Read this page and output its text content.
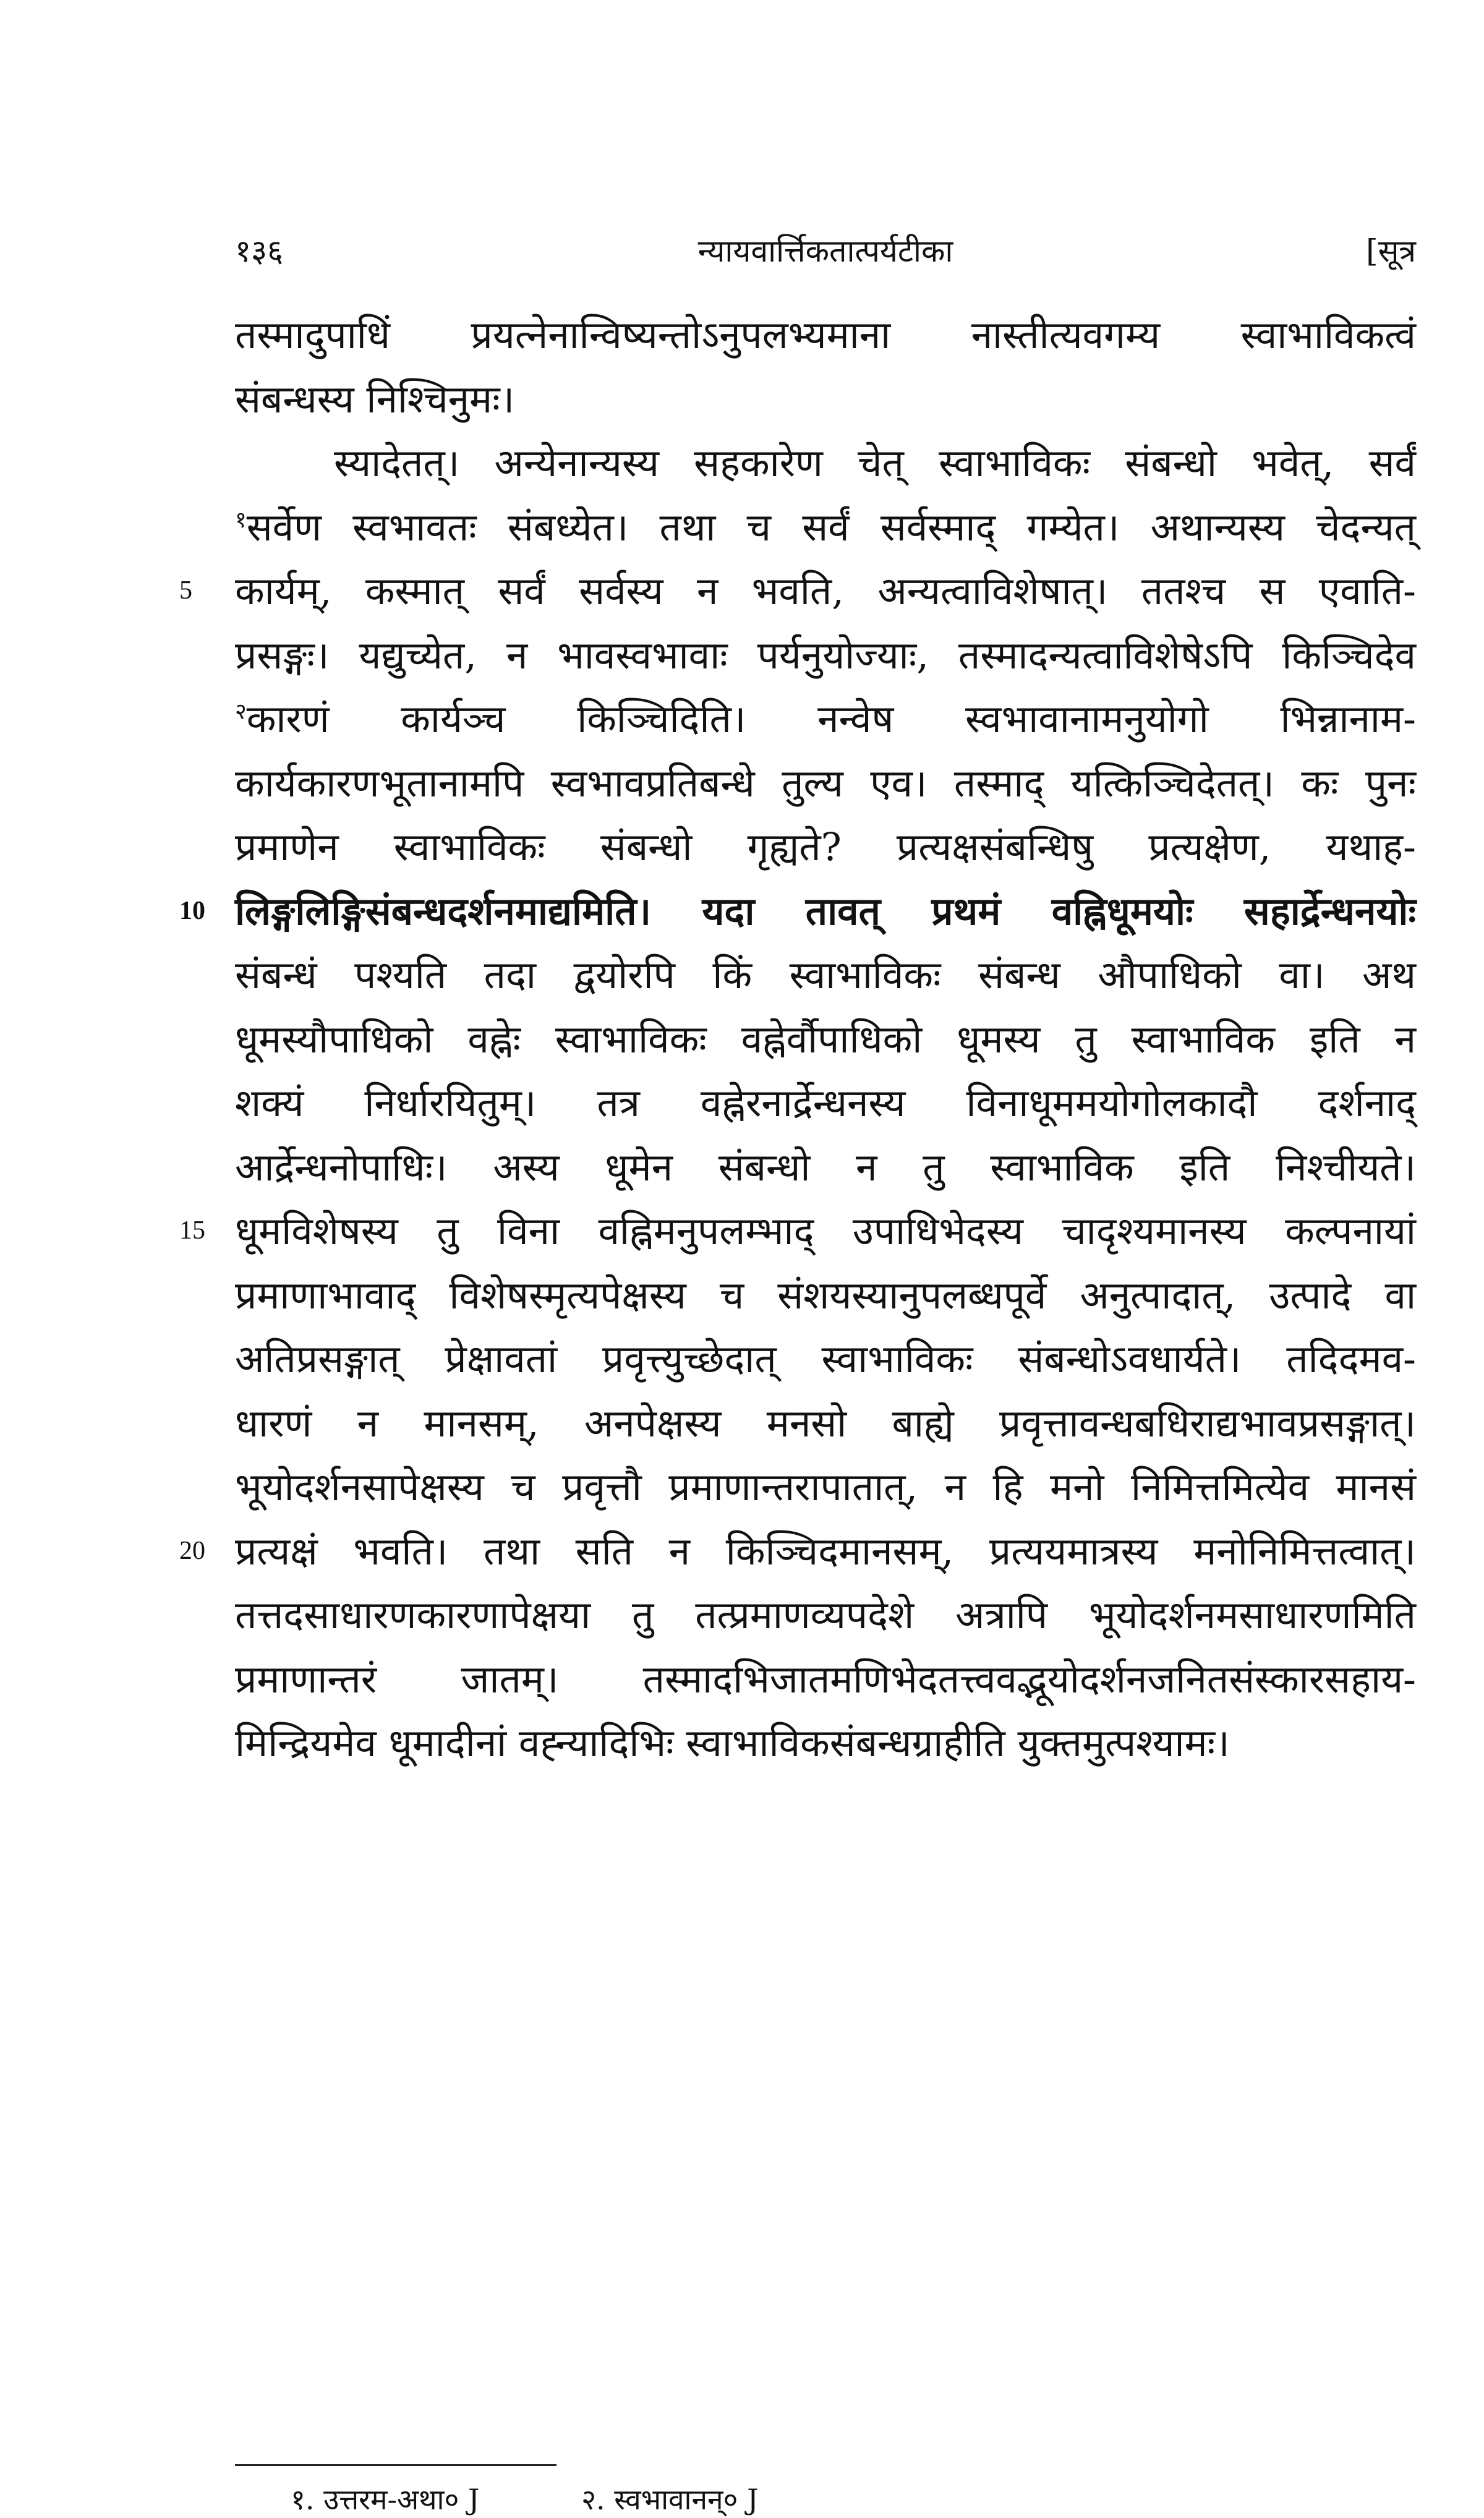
१३६	न्यायवार्त्तिकतात्पर्यटीका	[सूत्र
तस्मादुपाधिं प्रयत्नेनान्विष्यन्तोऽनुपलभ्यमाना नास्तीत्यवगम्य स्वाभाविकत्वं
संबन्धस्य निश्चिनुमः।
स्यादेतत्। अन्येनान्यस्य सहकारेण चेत् स्वाभाविकः संबन्धो भवेत्, सर्वं
$^१$सर्वेण स्वभावतः संबध्येत। तथा च सर्वं सर्वस्माद् गम्येत। अथान्यस्य चेदन्यत्
5 कार्यम्, कस्मात् सर्वं सर्वस्य न भवति, अन्यत्वाविशेषात्। ततश्च स एवाति-
प्रसङ्गः। यद्युच्येत, न भावस्वभावाः पर्यनुयोज्याः, तस्मादन्यत्वाविशेषेऽपि किञ्चिदेव
$^२$कारणं कार्यञ्च किञ्चिदिति। नन्वेष स्वभावानामनुयोगो भिन्नानाम-
कार्यकारणभूतानामपि स्वभावप्रतिबन्धे तुल्य एव। तस्माद् यत्किञ्चिदेतत्। कः पुनः
प्रमाणेन स्वाभाविकः संबन्धो गृह्यते? प्रत्यक्षसंबन्धिषु प्रत्यक्षेण, यथाह-
10 लिङ्गलिङ्गिसंबन्धदर्शनमाद्यमिति। यदा तावत् प्रथमं वह्निधूमयोः सहार्द्रेन्धनयोः
संबन्धं पश्यति तदा द्वयोरपि किं स्वाभाविकः संबन्ध औपाधिको वा। अथ
धूमस्यौपाधिको वह्नेः स्वाभाविकः वह्नेर्वौपाधिको धूमस्य तु स्वाभाविक इति न
शक्यं निर्धारयितुम्। तत्र वह्नेरनार्द्रेन्धनस्य विनाधूममयोगोलकादौ दर्शनाद्
आर्द्रेन्धनोपाधिः। अस्य धूमेन संबन्धो न तु स्वाभाविक इति निश्चीयते।
15 धूमविशेषस्य तु विना वह्निमनुपलम्भाद् उपाधिभेदस्य चादृश्यमानस्य कल्पनायां
प्रमाणाभावाद् विशेषस्मृत्यपेक्षस्य च संशयस्यानुपलब्धपूर्वे अनुत्पादात्, उत्पादे वा
अतिप्रसङ्गात् प्रेक्षावतां प्रवृत्त्युच्छेदात् स्वाभाविकः संबन्धोऽवधार्यते। तदिदमव-
धारणं न मानसम्, अनपेक्षस्य मनसो बाह्ये प्रवृत्तावन्धबधिराद्यभावप्रसङ्गात्।
भूयोदर्शनसापेक्षस्य च प्रवृत्तौ प्रमाणान्तरापातात्, न हि मनो निमित्तमित्येव मानसं
20 प्रत्यक्षं भवति। तथा सति न किञ्चिदमानसम्, प्रत्ययमात्रस्य मनोनिमित्तत्वात्।
तत्तदसाधारणकारणापेक्षया तु तत्प्रमाणव्यपदेशे अत्रापि भूयोदर्शनमसाधारणमिति
प्रमाणान्तरं जातम्। तस्मादभिजातमणिभेदतत्त्ववद्भूयोदर्शनजनितसंस्कारसहाय-
मिन्द्रियमेव धूमादीनां वह्न्यादिभिः स्वाभाविकसंबन्धग्राहीति युक्तमुत्पश्यामः।
१. उत्तरम-अथा० J	२. स्वभावानन्० J
